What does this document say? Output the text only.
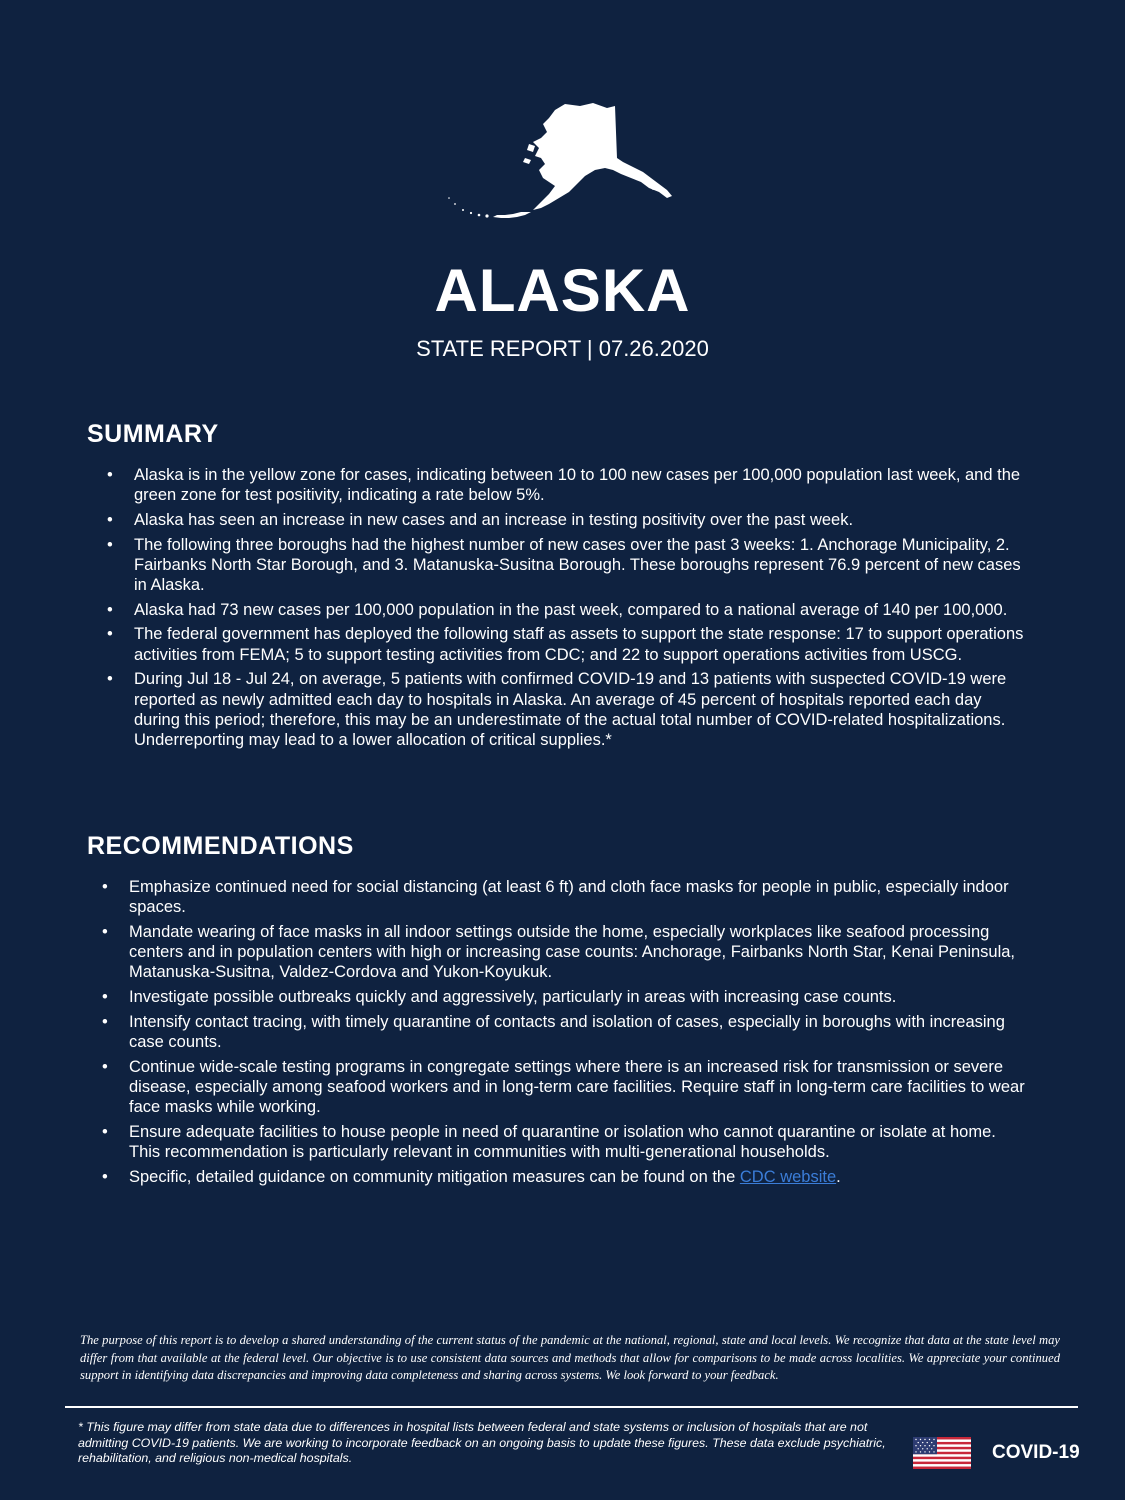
ALASKA
STATE REPORT | 07.26.2020
SUMMARY
• Alaska is in the yellow zone for cases, indicating between 10 to 100 new cases per 100,000 population last week, and the green zone for test positivity, indicating a rate below 5%.
• Alaska has seen an increase in new cases and an increase in testing positivity over the past week.
• The following three boroughs had the highest number of new cases over the past 3 weeks: 1. Anchorage Municipality, 2. Fairbanks North Star Borough, and 3. Matanuska-Susitna Borough. These boroughs represent 76.9 percent of new cases in Alaska.
• Alaska had 73 new cases per 100,000 population in the past week, compared to a national average of 140 per 100,000.
• The federal government has deployed the following staff as assets to support the state response: 17 to support operations activities from FEMA; 5 to support testing activities from CDC; and 22 to support operations activities from USCG.
• During Jul 18 - Jul 24, on average, 5 patients with confirmed COVID-19 and 13 patients with suspected COVID-19 were reported as newly admitted each day to hospitals in Alaska. An average of 45 percent of hospitals reported each day during this period; therefore, this may be an underestimate of the actual total number of COVID-related hospitalizations. Underreporting may lead to a lower allocation of critical supplies.*
RECOMMENDATIONS
• Emphasize continued need for social distancing (at least 6 ft) and cloth face masks for people in public, especially indoor spaces.
• Mandate wearing of face masks in all indoor settings outside the home, especially workplaces like seafood processing centers and in population centers with high or increasing case counts: Anchorage, Fairbanks North Star, Kenai Peninsula, Matanuska-Susitna, Valdez-Cordova and Yukon-Koyukuk.
• Investigate possible outbreaks quickly and aggressively, particularly in areas with increasing case counts.
• Intensify contact tracing, with timely quarantine of contacts and isolation of cases, especially in boroughs with increasing case counts.
• Continue wide-scale testing programs in congregate settings where there is an increased risk for transmission or severe disease, especially among seafood workers and in long-term care facilities. Require staff in long-term care facilities to wear face masks while working.
• Ensure adequate facilities to house people in need of quarantine or isolation who cannot quarantine or isolate at home. This recommendation is particularly relevant in communities with multi-generational households.
• Specific, detailed guidance on community mitigation measures can be found on the CDC website.
The purpose of this report is to develop a shared understanding of the current status of the pandemic at the national, regional, state and local levels. We recognize that data at the state level may differ from that available at the federal level. Our objective is to use consistent data sources and methods that allow for comparisons to be made across localities. We appreciate your continued support in identifying data discrepancies and improving data completeness and sharing across systems. We look forward to your feedback.
* This figure may differ from state data due to differences in hospital lists between federal and state systems or inclusion of hospitals that are not admitting COVID-19 patients. We are working to incorporate feedback on an ongoing basis to update these figures. These data exclude psychiatric, rehabilitation, and religious non-medical hospitals.	COVID-19
